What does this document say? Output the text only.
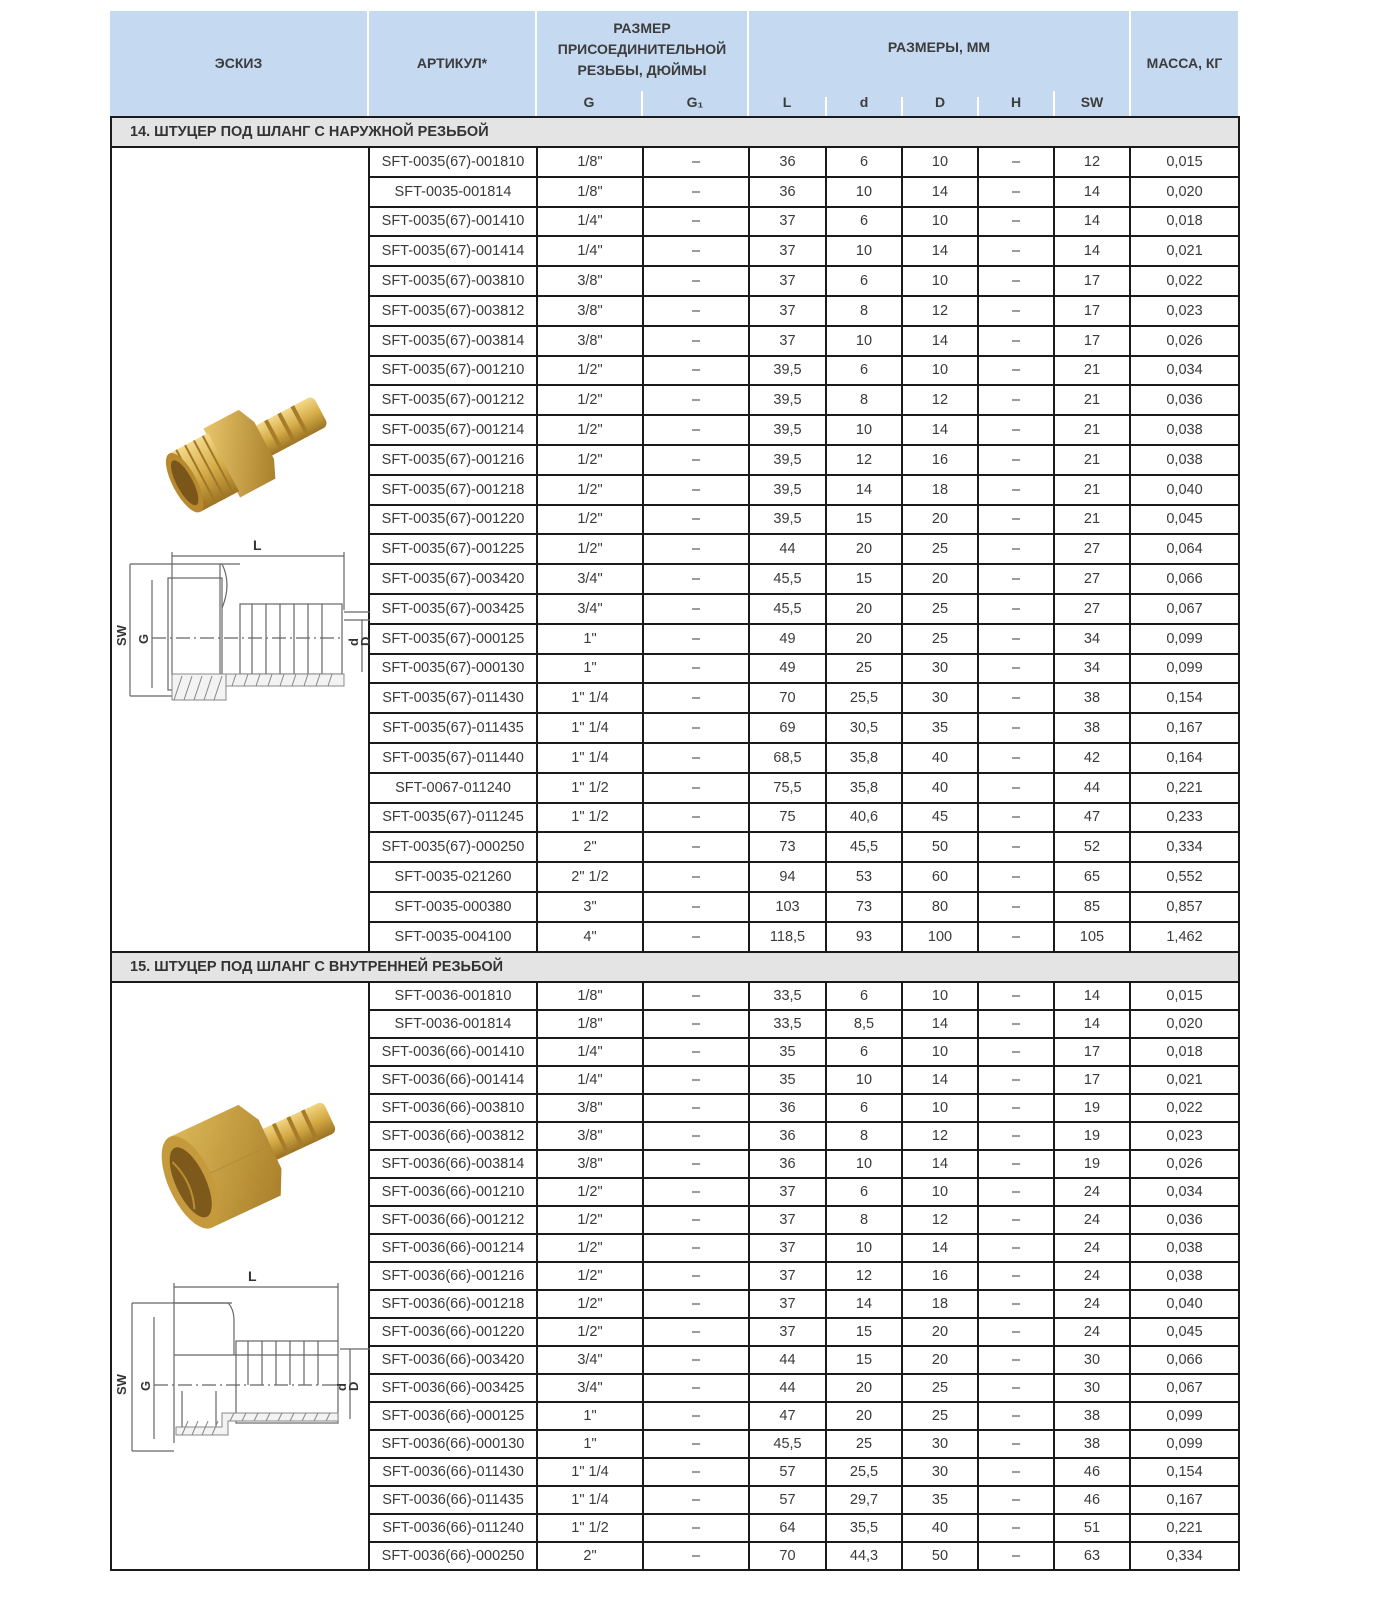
ЭСКИЗ	АРТИКУЛ*
РАЗМЕР ПРИСОЕДИНИТЕЛЬНОЙ РЕЗЬБЫ, ДЮЙМЫ
G	G₁
РАЗМЕРЫ, ММ
L	d	D	H	SW
МАССА, КГ
14. ШТУЦЕР ПОД ШЛАНГ С НАРУЖНОЙ РЕЗЬБОЙ									

L
SW G d
D	SFT-0035(67)-001810	1/8"	–	36	6	10	–	12	0,015
	SFT-0035-001814	1/8"	–	36	10	14	–	14	0,020
	SFT-0035(67)-001410	1/4"	–	37	6	10	–	14	0,018
	SFT-0035(67)-001414	1/4"	–	37	10	14	–	14	0,021
	SFT-0035(67)-003810	3/8"	–	37	6	10	–	17	0,022
	SFT-0035(67)-003812	3/8"	–	37	8	12	–	17	0,023
	SFT-0035(67)-003814	3/8"	–	37	10	14	–	17	0,026
	SFT-0035(67)-001210	1/2"	–	39,5	6	10	–	21	0,034
	SFT-0035(67)-001212	1/2"	–	39,5	8	12	–	21	0,036
	SFT-0035(67)-001214	1/2"	–	39,5	10	14	–	21	0,038
	SFT-0035(67)-001216	1/2"	–	39,5	12	16	–	21	0,038
	SFT-0035(67)-001218	1/2"	–	39,5	14	18	–	21	0,040
	SFT-0035(67)-001220	1/2"	–	39,5	15	20	–	21	0,045
	SFT-0035(67)-001225	1/2"	–	44	20	25	–	27	0,064
	SFT-0035(67)-003420	3/4"	–	45,5	15	20	–	27	0,066
	SFT-0035(67)-003425	3/4"	–	45,5	20	25	–	27	0,067
	SFT-0035(67)-000125	1"	–	49	20	25	–	34	0,099
	SFT-0035(67)-000130	1"	–	49	25	30	–	34	0,099
	SFT-0035(67)-011430	1" 1/4	–	70	25,5	30	–	38	0,154
	SFT-0035(67)-011435	1" 1/4	–	69	30,5	35	–	38	0,167
	SFT-0035(67)-011440	1" 1/4	–	68,5	35,8	40	–	42	0,164
	SFT-0067-011240	1" 1/2	–	75,5	35,8	40	–	44	0,221
	SFT-0035(67)-011245	1" 1/2	–	75	40,6	45	–	47	0,233
	SFT-0035(67)-000250	2"	–	73	45,5	50	–	52	0,334
	SFT-0035-021260	2" 1/2	–	94	53	60	–	65	0,552
	SFT-0035-000380	3"	–	103	73	80	–	85	0,857
	SFT-0035-004100	4"	–	118,5	93	100	–	105	1,462
15. ШТУЦЕР ПОД ШЛАНГ С ВНУТРЕННЕЙ РЕЗЬБОЙ									

L
SW G d
D	SFT-0036-001810	1/8"	–	33,5	6	10	–	14	0,015
	SFT-0036-001814	1/8"	–	33,5	8,5	14	–	14	0,020
	SFT-0036(66)-001410	1/4"	–	35	6	10	–	17	0,018
	SFT-0036(66)-001414	1/4"	–	35	10	14	–	17	0,021
	SFT-0036(66)-003810	3/8"	–	36	6	10	–	19	0,022
	SFT-0036(66)-003812	3/8"	–	36	8	12	–	19	0,023
	SFT-0036(66)-003814	3/8"	–	36	10	14	–	19	0,026
	SFT-0036(66)-001210	1/2"	–	37	6	10	–	24	0,034
	SFT-0036(66)-001212	1/2"	–	37	8	12	–	24	0,036
	SFT-0036(66)-001214	1/2"	–	37	10	14	–	24	0,038
	SFT-0036(66)-001216	1/2"	–	37	12	16	–	24	0,038
	SFT-0036(66)-001218	1/2"	–	37	14	18	–	24	0,040
	SFT-0036(66)-001220	1/2"	–	37	15	20	–	24	0,045
	SFT-0036(66)-003420	3/4"	–	44	15	20	–	30	0,066
	SFT-0036(66)-003425	3/4"	–	44	20	25	–	30	0,067
	SFT-0036(66)-000125	1"	–	47	20	25	–	38	0,099
	SFT-0036(66)-000130	1"	–	45,5	25	30	–	38	0,099
	SFT-0036(66)-011430	1" 1/4	–	57	25,5	30	–	46	0,154
	SFT-0036(66)-011435	1" 1/4	–	57	29,7	35	–	46	0,167
	SFT-0036(66)-011240	1" 1/2	–	64	35,5	40	–	51	0,221
	SFT-0036(66)-000250	2"	–	70	44,3	50	–	63	0,334
